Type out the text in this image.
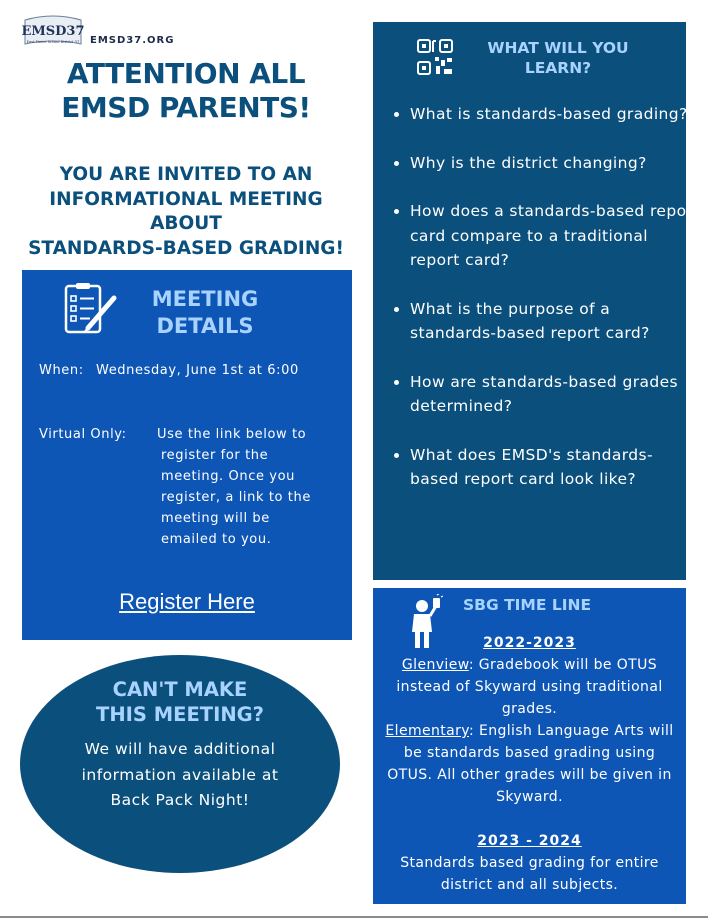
EMSD37
East Maine School District 37 EMSD37.ORG
ATTENTION ALL
EMSD PARENTS!
YOU ARE INVITED TO AN
INFORMATIONAL MEETING
ABOUT
STANDARDS-BASED GRADING!
MEETING
DETAILS
When: Wednesday, June 1st at 6:00
Virtual Only: Use the link below to
register for the
meeting. Once you
register, a link to the
meeting will be
emailed to you.
Register Here
CAN'T MAKE
THIS MEETING?
We will have additional
information available at
Back Pack Night!
WHAT WILL YOU
LEARN?
• What is standards-based grading?
• Why is the district changing?
• How does a standards-based report card compare to a traditional report card?
• What is the purpose of a standards-based report card?
• How are standards-based grades determined?
• What does EMSD's standards-based report card look like?
SBG TIME LINE
2022-2023
Glenview: Gradebook will be OTUS instead of Skyward using traditional grades.
Elementary: English Language Arts will be standards based grading using OTUS. All other grades will be given in Skyward.
2023 - 2024
Standards based grading for entire district and all subjects.
